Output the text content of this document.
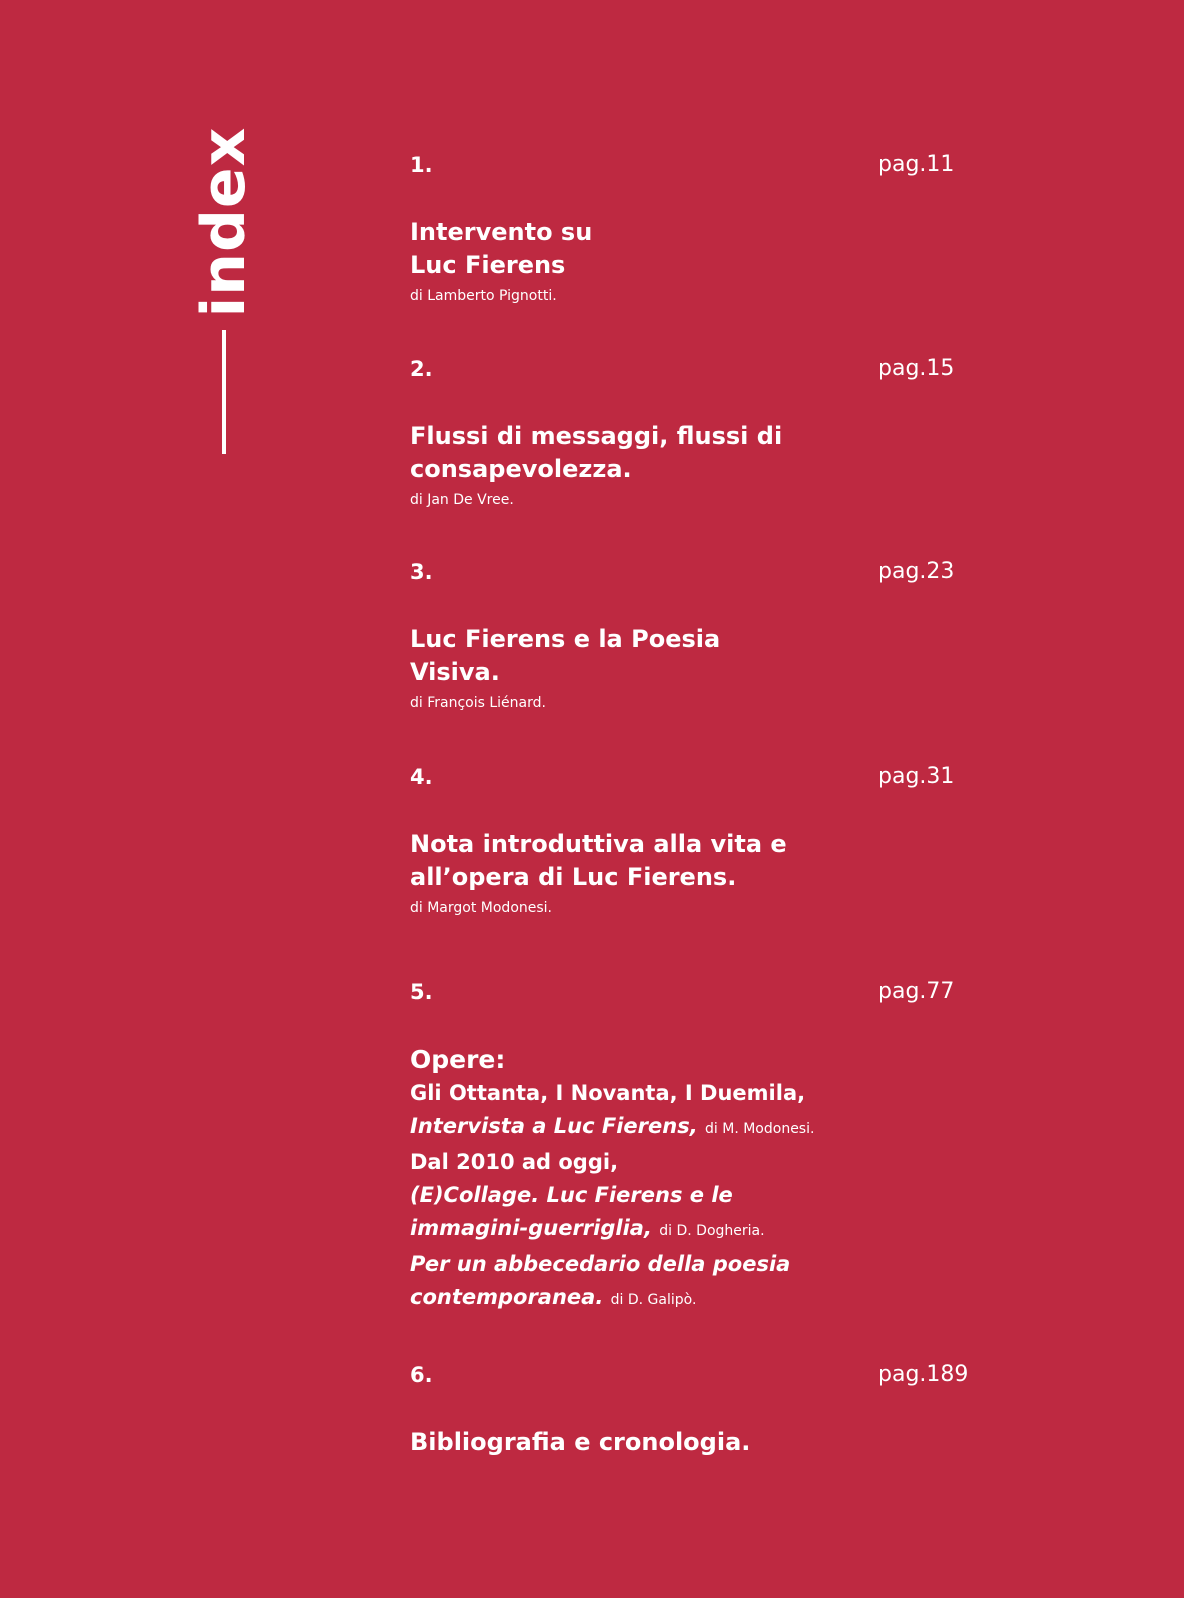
index	1.	pag.11
Intervento su
Luc Fierens
di Lamberto Pignotti.
2.	pag.15
Flussi di messaggi, flussi di
consapevolezza.
di Jan De Vree.
3.	pag.23
Luc Fierens e la Poesia
Visiva.
di François Liénard.
4.	pag.31
Nota introduttiva alla vita e
all’opera di Luc Fierens.
di Margot Modonesi.
5.	pag.77
Opere:
Gli Ottanta, I Novanta, I Duemila,
Intervista a Luc Fierens, di M. Modonesi.
Dal 2010 ad oggi,
(E)Collage. Luc Fierens e le
immagini-guerriglia, di D. Dogheria.
Per un abbecedario della poesia
contemporanea. di D. Galipò.
6.	pag.189
Bibliografia e cronologia.
